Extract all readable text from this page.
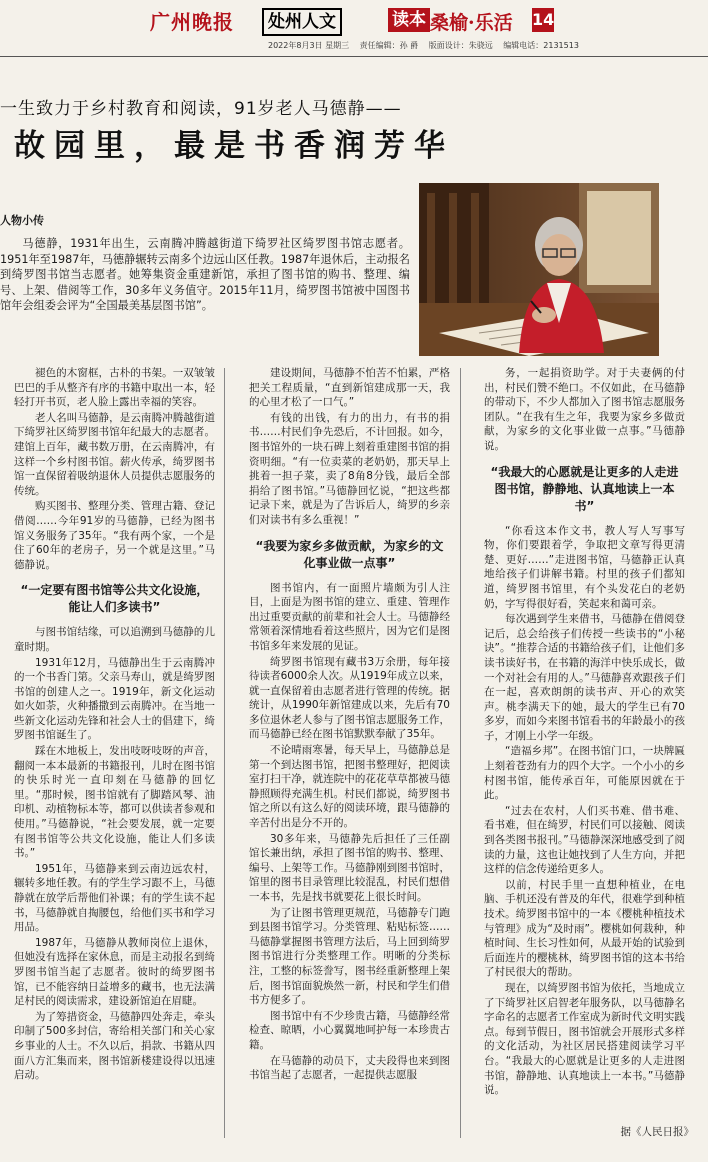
广州晚报	处州人文	读本 桑榆·乐活 14
2022年8月3日 星期三 责任编辑：孙 爵 版面设计：朱骁远 编辑电话：2131513
一生致力于乡村教育和阅读，91岁老人马德静——
故园里，最是书香润芳华
人物小传
马德静，1931年出生，云南腾冲腾越街道下绮罗社区绮罗图书馆志愿者。1951年至1987年，马德静辗转云南多个边远山区任教。1987年退休后，主动报名到绮罗图书馆当志愿者。她筹集资金重建新馆，承担了图书馆的购书、整理、编号、上架、借阅等工作，30多年义务值守。2015年11月，绮罗图书馆被中国图书馆年会组委会评为“全国最美基层图书馆”。

褪色的木窗框，古朴的书架。一双皱皱巴巴的手从整齐有序的书籍中取出一本，轻轻打开书页，老人脸上露出幸福的笑容。

老人名叫马德静，是云南腾冲腾越街道下绮罗社区绮罗图书馆年纪最大的志愿者。建馆上百年，藏书数万册，在云南腾冲，有这样一个乡村图书馆。薪火传承，绮罗图书馆一直保留着吸纳退休人员提供志愿服务的传统。

购买图书、整理分类、管理古籍、登记借阅……今年91岁的马德静，已经为图书馆义务服务了35年。“我有两个家，一个是住了60年的老房子，另一个就是这里。”马德静说。

“一定要有图书馆等公共文化设施，能让人们多读书”

与图书馆结缘，可以追溯到马德静的儿童时期。

1931年12月，马德静出生于云南腾冲的一个书香门第。父亲马寿山，就是绮罗图书馆的创建人之一。1919年，新文化运动如火如荼，火种播撒到云南腾冲。在当地一些新文化运动先锋和社会人士的倡建下，绮罗图书馆诞生了。

踩在木地板上，发出吱呀吱呀的声音，翻阅一本本最新的书籍报刊，儿时在图书馆的快乐时光一直印刻在马德静的回忆里。“那时候，图书馆就有了脚踏风琴、油印机、动植物标本等，都可以供读者参观和使用。”马德静说，“社会要发展，就一定要有图书馆等公共文化设施，能让人们多读书。”

1951年，马德静来到云南边远农村，辗转多地任教。有的学生学习跟不上，马德静就在放学后帮他们补课；有的学生读不起书，马德静就自掏腰包，给他们买书和学习用品。

1987年，马德静从教师岗位上退休，但她没有选择在家休息，而是主动报名到绮罗图书馆当起了志愿者。彼时的绮罗图书馆，已不能容纳日益增多的藏书，也无法满足村民的阅读需求，建设新馆迫在眉睫。

为了筹措资金，马德静四处奔走，牵头印制了500多封信，寄给相关部门和关心家乡事业的人士。不久以后，捐款、书籍从四面八方汇集而来，图书馆新楼建设得以迅速启动。

建设期间，马德静不怕苦不怕累，严格把关工程质量，“直到新馆建成那一天，我的心里才松了一口气。”

有钱的出钱，有力的出力，有书的捐书……村民们争先恐后，不计回报。如今，图书馆外的一块石碑上刻着重建图书馆的捐资明细。“有一位卖菜的老奶奶，那天早上挑着一担子菜，卖了8角8分钱，最后全部捐给了图书馆。”马德静回忆说，“把这些都记录下来，就是为了告诉后人，绮罗的乡亲们对读书有多么重视！”

“我要为家乡多做贡献，为家乡的文化事业做一点事”

图书馆内，有一面照片墙颇为引人注目，上面是为图书馆的建立、重建、管理作出过重要贡献的前辈和社会人士。马德静经常领着深情地看着这些照片，因为它们是图书馆多年来发展的见证。

绮罗图书馆现有藏书3万余册，每年接待读者6000余人次。从1919年成立以来，就一直保留着由志愿者进行管理的传统。据统计，从1990年新馆建成以来，先后有70多位退休老人参与了图书馆志愿服务工作，而马德静已经在图书馆默默奉献了35年。

不论晴雨寒暑，每天早上，马德静总是第一个到达图书馆，把图书整理好，把阅读室打扫干净，就连院中的花花草草都被马德静照顾得充满生机。村民们都说，绮罗图书馆之所以有这么好的阅读环境，跟马德静的辛苦付出是分不开的。

30多年来，马德静先后担任了三任副馆长兼出纳，承担了图书馆的购书、整理、编号、上架等工作。马德静刚到图书馆时，馆里的图书目录管理比较混乱，村民们想借一本书，先是找书就要花上很长时间。

为了让图书管理更规范，马德静专门跑到县图书馆学习。分类管理、粘贴标签……马德静掌握图书管理方法后，马上回到绮罗图书馆进行分类整理工作。明晰的分类标注，工整的标签誊写，图书经重新整理上架后，图书馆面貌焕然一新，村民和学生们借书方便多了。

图书馆中有不少珍贵古籍，马德静经常检查、晾晒，小心翼翼地呵护每一本珍贵古籍。

在马德静的动员下，丈夫段得也来到图书馆当起了志愿者，一起提供志愿服

务，一起捐资助学。对于夫妻俩的付出，村民们赞不绝口。不仅如此，在马德静的带动下，不少人都加入了图书馆志愿服务团队。“在我有生之年，我要为家乡多做贡献，为家乡的文化事业做一点事。”马德静说。

“我最大的心愿就是让更多的人走进图书馆，静静地、认真地读上一本书”

“你看这本作文书，教人写人写事写物，你们要跟着学，争取把文章写得更清楚、更好……”走进图书馆，马德静正认真地给孩子们讲解书籍。村里的孩子们都知道，绮罗图书馆里，有个头发花白的老奶奶，字写得很好看，笑起来和蔼可亲。

每次遇到学生来借书，马德静在借阅登记后，总会给孩子们传授一些读书的“小秘诀”。“推荐合适的书籍给孩子们，让他们多读书读好书，在书籍的海洋中快乐成长，做一个对社会有用的人。”马德静喜欢跟孩子们在一起，喜欢朗朗的读书声、开心的欢笑声。桃李满天下的她，最大的学生已有70多岁，而如今来图书馆看书的年龄最小的孩子，才刚上小学一年级。

“造福乡邦”。在图书馆门口，一块牌匾上刻着苍劲有力的四个大字。一个小小的乡村图书馆，能传承百年，可能原因就在于此。

“过去在农村，人们买书难、借书难、看书难，但在绮罗，村民们可以接触、阅读到各类图书报刊。”马德静深深地感受到了阅读的力量，这也让她找到了人生方向，并把这样的信念传递给更多人。

以前，村民手里一直想种植业，在电脑、手机还没有普及的年代，很难学到种植技术。绮罗图书馆中的一本《樱桃种植技术与管理》成为“及时雨”。樱桃如何栽种，种植时间、生长习性如何，从最开始的试验到后面连片的樱桃林，绮罗图书馆的这本书给了村民很大的帮助。

现在，以绮罗图书馆为依托，当地成立了下绮罗社区启智老年服务队，以马德静名字命名的志愿者工作室成为新时代文明实践点。每到节假日，图书馆就会开展形式多样的文化活动，为社区居民搭建阅读学习平台。“我最大的心愿就是让更多的人走进图书馆，静静地、认真地读上一本书。”马德静说。

据《人民日报》
